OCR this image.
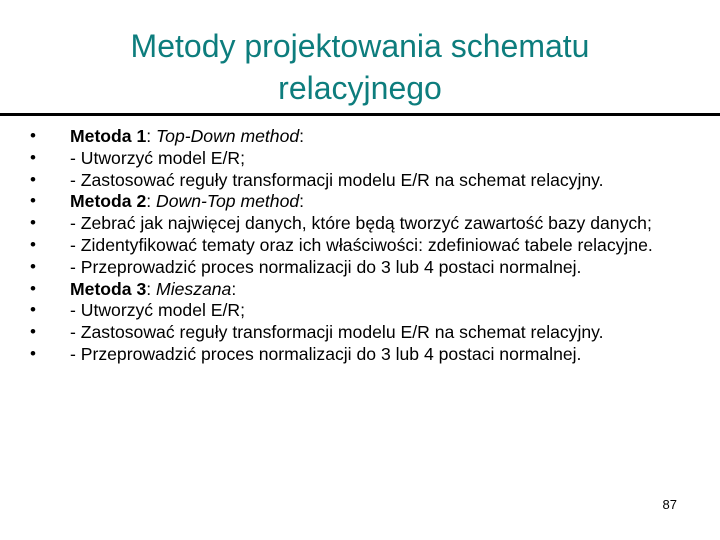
Metody projektowania schematu
relacyjnego
•	Metoda 1: Top-Down method:
•	- Utworzyć model E/R;
•	- Zastosować reguły transformacji modelu E/R na schemat relacyjny.
•	Metoda 2: Down-Top method:
•	- Zebrać jak najwięcej danych, które będą tworzyć zawartość bazy danych;
•	- Zidentyfikować tematy oraz ich właściwości: zdefiniować tabele relacyjne.
•	- Przeprowadzić proces normalizacji do 3 lub 4 postaci normalnej.
•	Metoda 3: Mieszana:
•	- Utworzyć model E/R;
•	- Zastosować reguły transformacji modelu E/R na schemat relacyjny.
•	- Przeprowadzić proces normalizacji do 3 lub 4 postaci normalnej.
87
